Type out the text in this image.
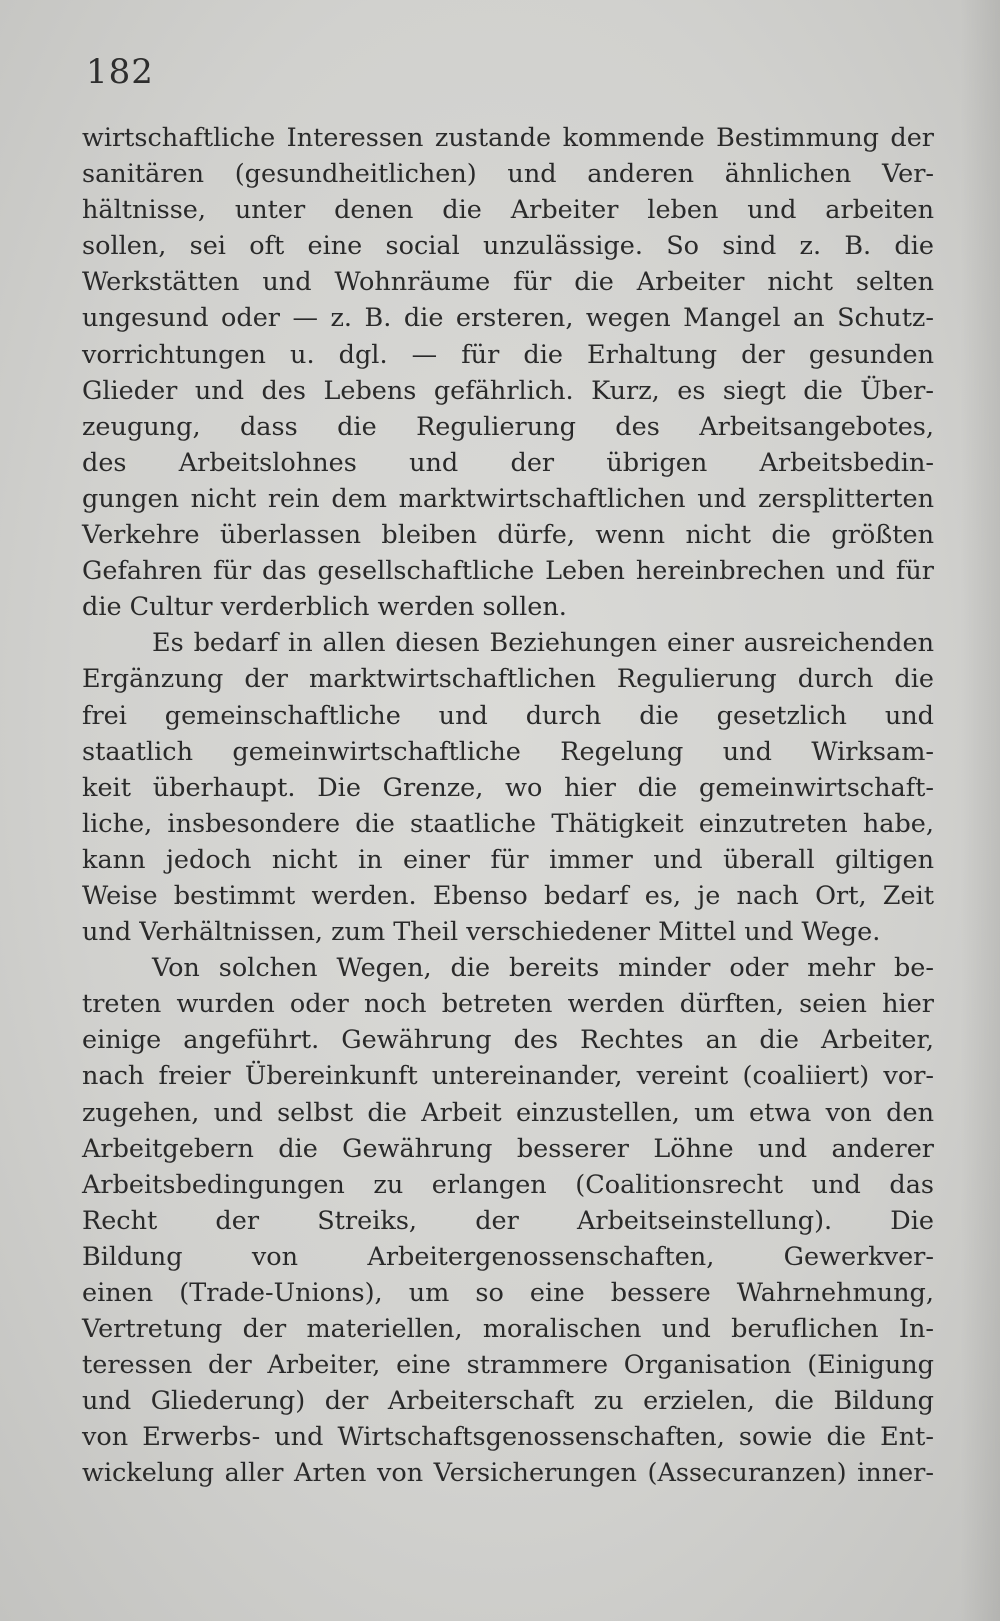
182
wirtschaftliche Interessen zustande kommende Bestimmung der
sanitären (gesundheitlichen) und anderen ähnlichen Ver-
hältnisse, unter denen die Arbeiter leben und arbeiten
sollen, sei oft eine social unzulässige. So sind z. B. die
Werkstätten und Wohnräume für die Arbeiter nicht selten
ungesund oder — z. B. die ersteren, wegen Mangel an Schutz-
vorrichtungen u. dgl. — für die Erhaltung der gesunden
Glieder und des Lebens gefährlich. Kurz, es siegt die Über-
zeugung, dass die Regulierung des Arbeitsangebotes,
des Arbeitslohnes und der übrigen Arbeitsbedin-
gungen nicht rein dem marktwirtschaftlichen und zersplitterten
Verkehre überlassen bleiben dürfe, wenn nicht die größten
Gefahren für das gesellschaftliche Leben hereinbrechen und für
die Cultur verderblich werden sollen.
Es bedarf in allen diesen Beziehungen einer ausreichenden
Ergänzung der marktwirtschaftlichen Regulierung durch die
frei gemeinschaftliche und durch die gesetzlich und
staatlich gemeinwirtschaftliche Regelung und Wirksam-
keit überhaupt. Die Grenze, wo hier die gemeinwirtschaft-
liche, insbesondere die staatliche Thätigkeit einzutreten habe,
kann jedoch nicht in einer für immer und überall giltigen
Weise bestimmt werden. Ebenso bedarf es, je nach Ort, Zeit
und Verhältnissen, zum Theil verschiedener Mittel und Wege.
Von solchen Wegen, die bereits minder oder mehr be-
treten wurden oder noch betreten werden dürften, seien hier
einige angeführt. Gewährung des Rechtes an die Arbeiter,
nach freier Übereinkunft untereinander, vereint (coaliiert) vor-
zugehen, und selbst die Arbeit einzustellen, um etwa von den
Arbeitgebern die Gewährung besserer Löhne und anderer
Arbeitsbedingungen zu erlangen (Coalitionsrecht und das
Recht der Streiks, der Arbeitseinstellung). Die
Bildung von Arbeitergenossenschaften, Gewerkver-
einen (Trade-Unions), um so eine bessere Wahrnehmung,
Vertretung der materiellen, moralischen und beruflichen In-
teressen der Arbeiter, eine strammere Organisation (Einigung
und Gliederung) der Arbeiterschaft zu erzielen, die Bildung
von Erwerbs- und Wirtschaftsgenossenschaften, sowie die Ent-
wickelung aller Arten von Versicherungen (Assecuranzen) inner-
